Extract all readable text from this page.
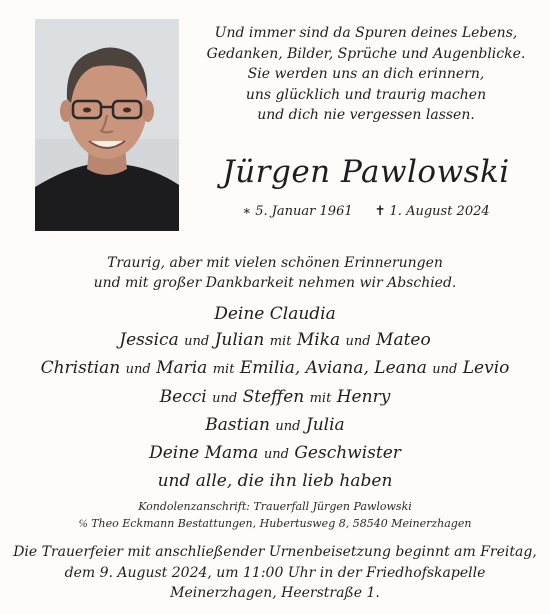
Und immer sind da Spuren deines Lebens,
Gedanken, Bilder, Sprüche und Augenblicke.
Sie werden uns an dich erinnern,
uns glücklich und traurig machen
und dich nie vergessen lassen.
Jürgen Pawlowski
∗ 5. Januar 1961 ✝ 1. August 2024
Traurig, aber mit vielen schönen Erinnerungen
und mit großer Dankbarkeit nehmen wir Abschied.
Deine Claudia
Jessica und Julian mit Mika und Mateo
Christian und Maria mit Emilia, Aviana, Leana und Levio
Becci und Steffen mit Henry
Bastian und Julia
Deine Mama und Geschwister
und alle, die ihn lieb haben
Kondolenzanschrift: Trauerfall Jürgen Pawlowski
℅ Theo Eckmann Bestattungen, Hubertusweg 8, 58540 Meinerzhagen
Die Trauerfeier mit anschließender Urnenbeisetzung beginnt am Freitag,
dem 9. August 2024, um 11:00 Uhr in der Friedhofskapelle
Meinerzhagen, Heerstraße 1.
